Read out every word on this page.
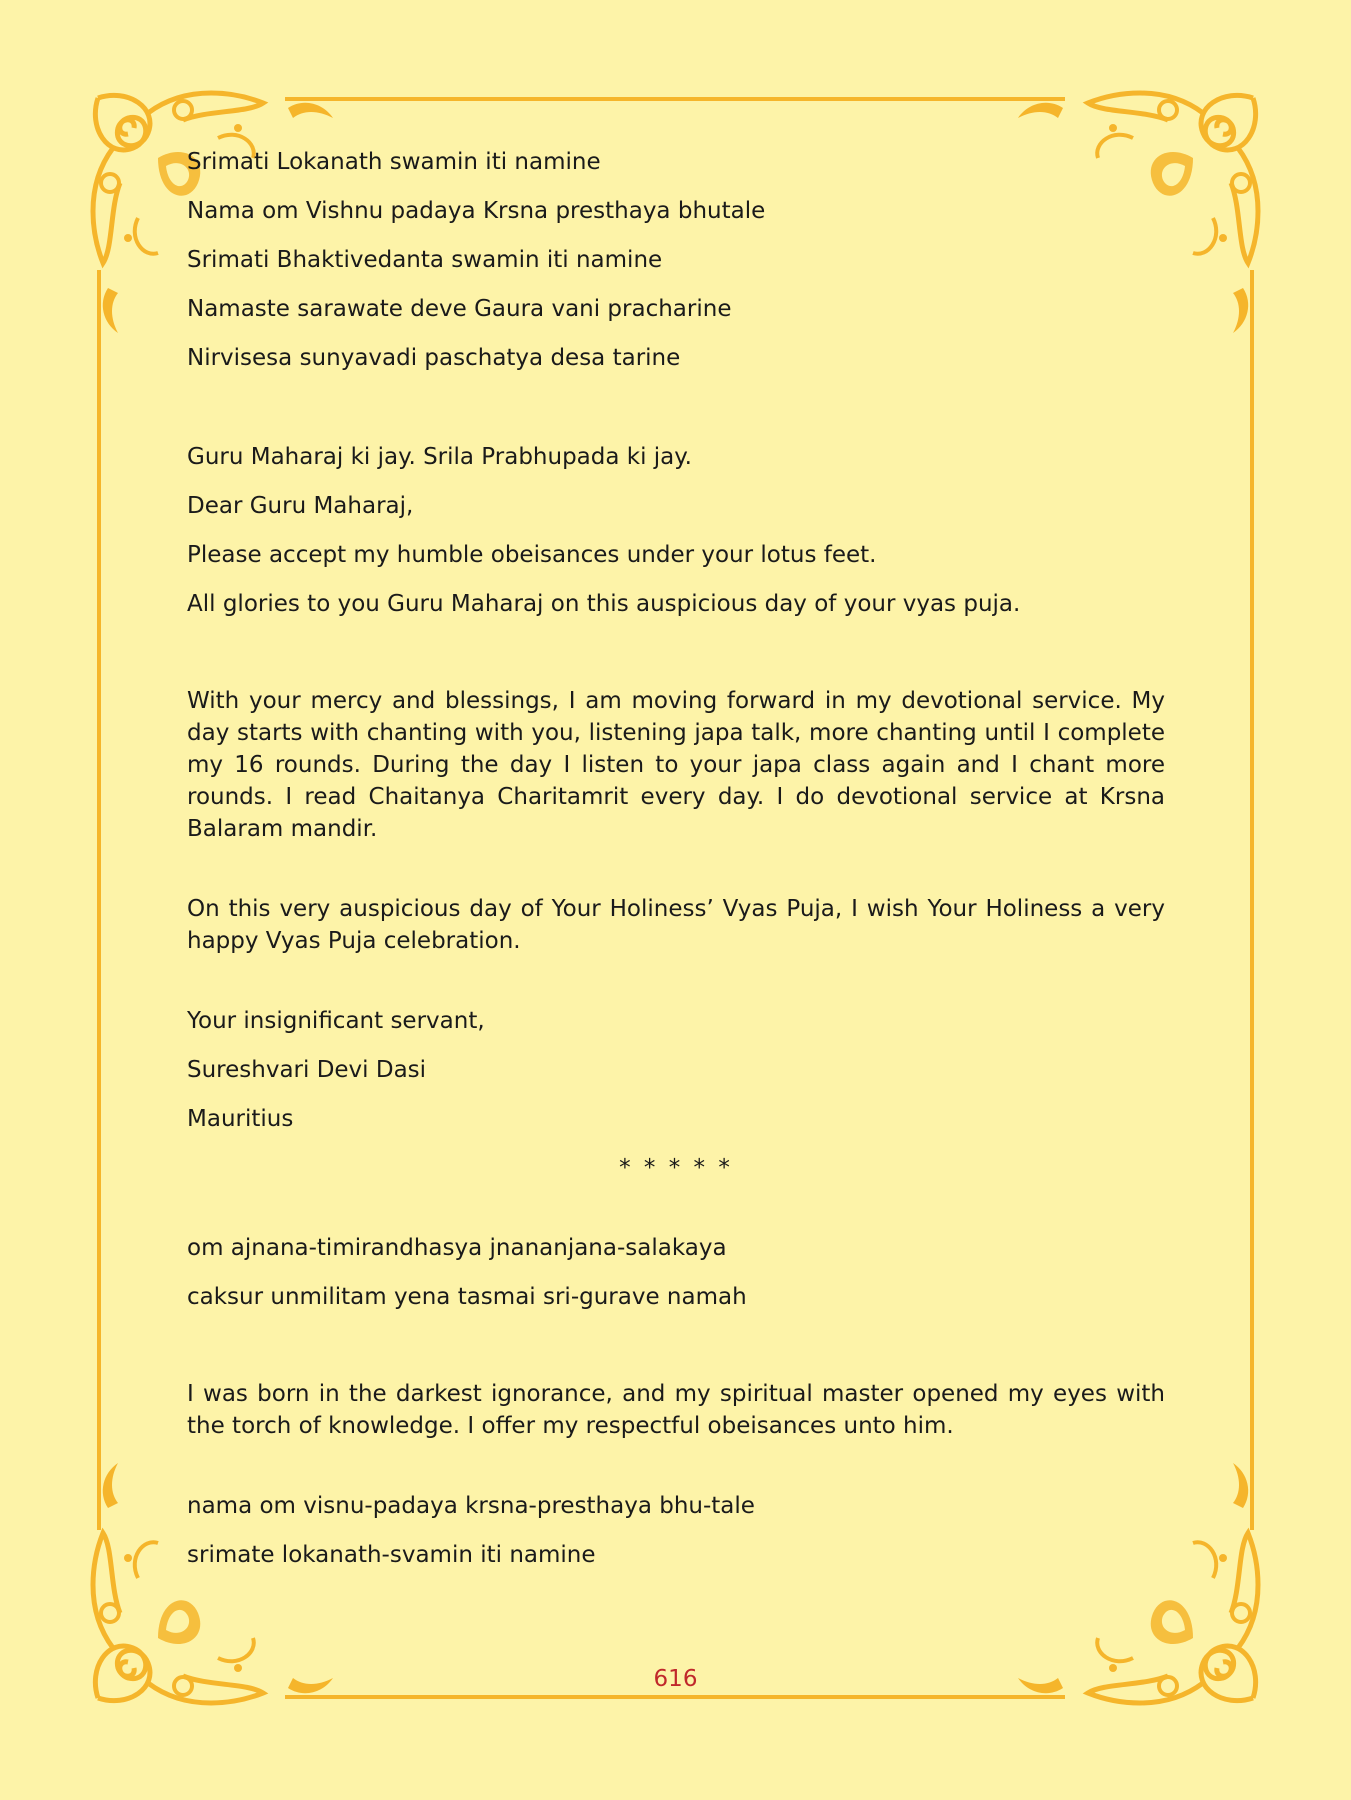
Srimati Lokanath swamin iti namine

Nama om Vishnu padaya Krsna presthaya bhutale

Srimati Bhaktivedanta swamin iti namine

Namaste sarawate deve Gaura vani pracharine

Nirvisesa sunyavadi paschatya desa tarine

Guru Maharaj ki jay. Srila Prabhupada ki jay.

Dear Guru Maharaj,

Please accept my humble obeisances under your lotus feet.

All glories to you Guru Maharaj on this auspicious day of your vyas puja.

With your mercy and blessings, I am moving forward in my devotional service. My day starts with chanting with you, listening japa talk, more chanting until I complete my 16 rounds. During the day I listen to your japa class again and I chant more rounds. I read Chaitanya Charitamrit every day. I do devotional service at Krsna Balaram mandir.

On this very auspicious day of Your Holiness’ Vyas Puja, I wish Your Holiness a very happy Vyas Puja celebration.

Your insignificant servant,

Sureshvari Devi Dasi

Mauritius

* * * * *

om ajnana-timirandhasya jnananjana-salakaya

caksur unmilitam yena tasmai sri-gurave namah

I was born in the darkest ignorance, and my spiritual master opened my eyes with the torch of knowledge. I offer my respectful obeisances unto him.

nama om visnu-padaya krsna-presthaya bhu-tale

srimate lokanath-svamin iti namine

616
